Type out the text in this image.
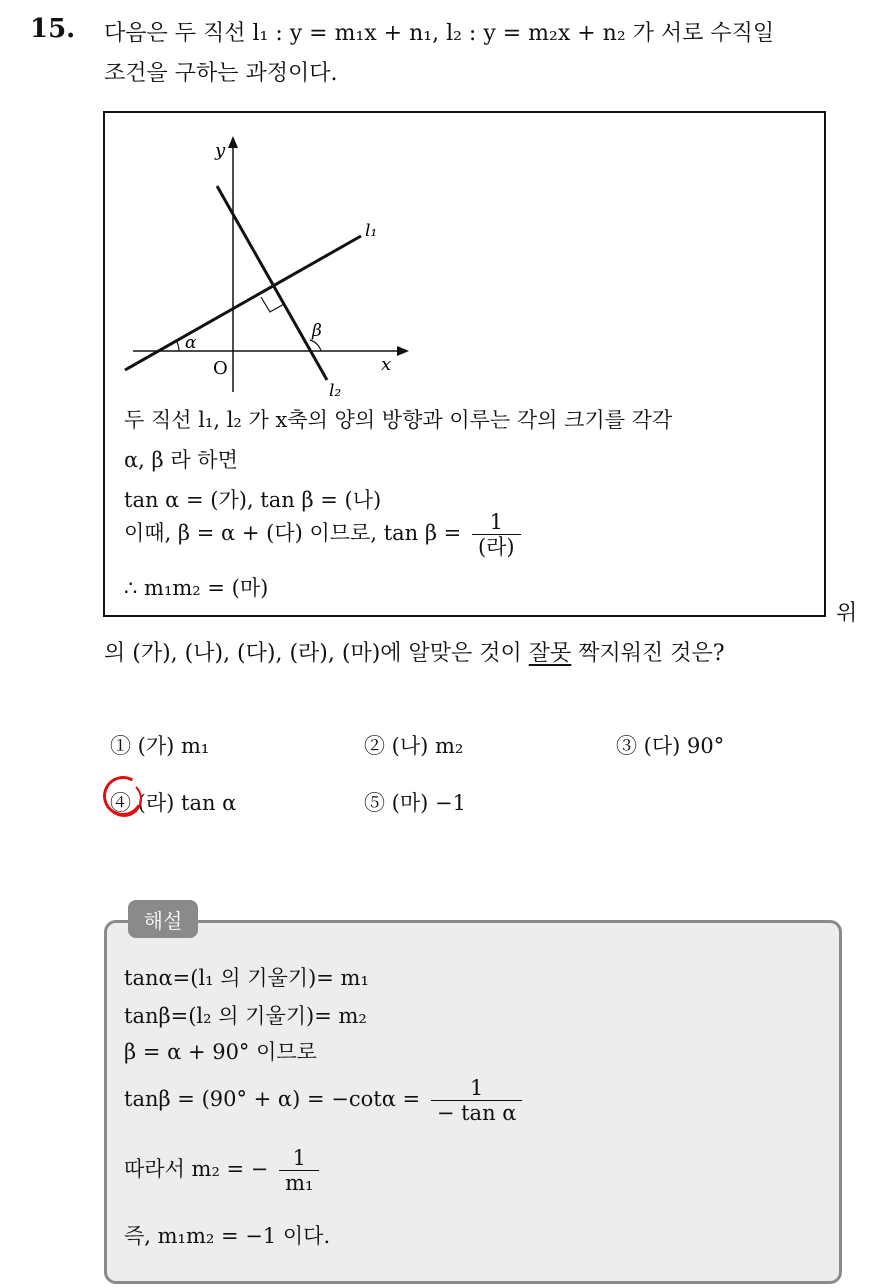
15. 다음은 두 직선 l₁ : y = m₁x + n₁, l₂ : y = m₂x + n₂ 가 서로 수직일
조건을 구하는 과정이다.
y
x
O
l₁
l₂
α
β
두 직선 l₁, l₂ 가 x축의 양의 방향과 이루는 각의 크기를 각각
α, β 라 하면
tan α = (가), tan β = (나)
이때, β = α + (다) 이므로, $\tan \beta = \frac{1}{\text{(라)}}$
∴ m₁m₂ = (마)
위
의 (가), (나), (다), (라), (마)에 알맞은 것이 잘못 짝지워진 것은?
① (가) m₁	② (나) m₂	③ (다) 90°
④ (라) tan α	⑤ (마) −1
해설
tanα=(l₁ 의 기울기)= m₁
tanβ=(l₂ 의 기울기)= m₂
β = α + 90° 이므로
$\tan\beta = (90^\circ + \alpha) = -\cot\alpha = \frac{1}{\text{− tan α}}$
따라서 m₂ = − $\frac{1}{\text{m₁}}$
즉, m₁m₂ = −1 이다.
